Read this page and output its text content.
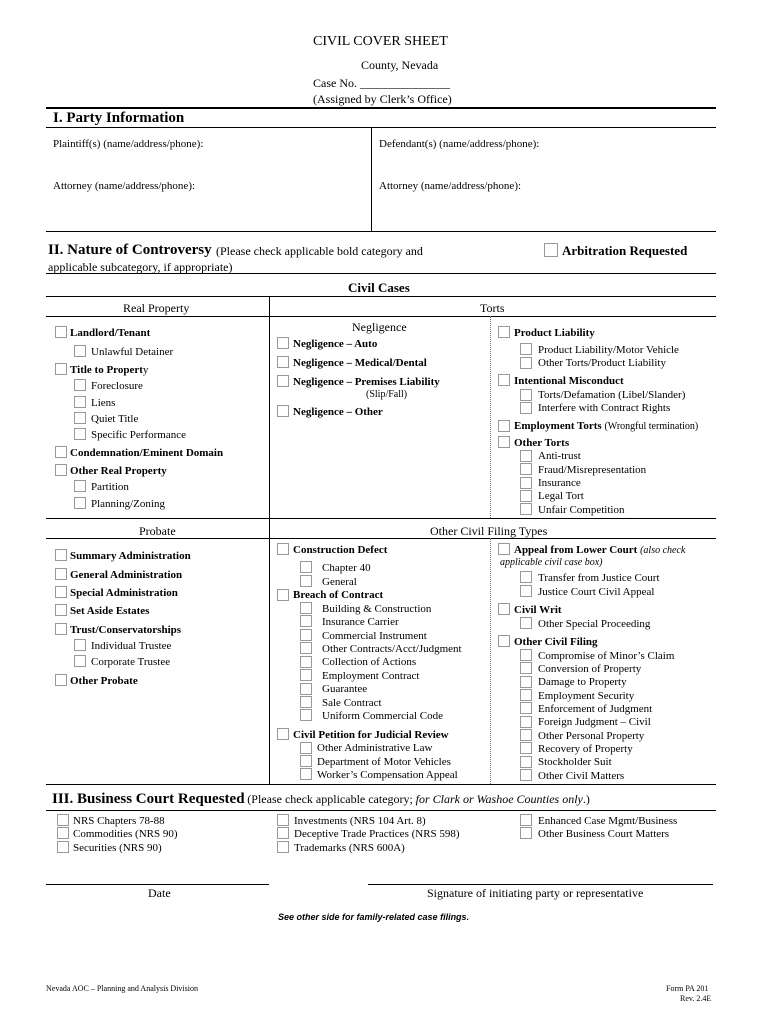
CIVIL COVER SHEET
County, Nevada
Case No. _______________
(Assigned by Clerk’s Office)
I. Party Information
Plaintiff(s) (name/address/phone):	Defendant(s) (name/address/phone):
Attorney (name/address/phone):	Attorney (name/address/phone):
II. Nature of Controversy (Please check applicable bold category and
applicable subcategory, if appropriate)
Arbitration Requested
Civil Cases
Real Property	Torts
Landlord/Tenant
Unlawful Detainer
Title to Property
Foreclosure
Liens
Quiet Title
Specific Performance
Condemnation/Eminent Domain
Other Real Property
Partition
Planning/Zoning
Negligence
Negligence – Auto
Negligence – Medical/Dental
Negligence – Premises Liability
(Slip/Fall)
Negligence – Other
Product Liability
Product Liability/Motor Vehicle
Other Torts/Product Liability
Intentional Misconduct
Torts/Defamation (Libel/Slander)
Interfere with Contract Rights
Employment Torts (Wrongful termination)
Other Torts
Anti-trust
Fraud/Misrepresentation
Insurance
Legal Tort
Unfair Competition
Probate	Other Civil Filing Types
Summary Administration
General Administration
Special Administration
Set Aside Estates
Trust/Conservatorships
Individual Trustee
Corporate Trustee
Other Probate
Construction Defect
Chapter 40
General
Breach of Contract
Building & Construction
Insurance Carrier
Commercial Instrument
Other Contracts/Acct/Judgment
Collection of Actions
Employment Contract
Guarantee
Sale Contract
Uniform Commercial Code
Civil Petition for Judicial Review
Other Administrative Law
Department of Motor Vehicles
Worker’s Compensation Appeal
Appeal from Lower Court (also check
applicable civil case box)
Transfer from Justice Court
Justice Court Civil Appeal
Civil Writ
Other Special Proceeding
Other Civil Filing
Compromise of Minor’s Claim
Conversion of Property
Damage to Property
Employment Security
Enforcement of Judgment
Foreign Judgment – Civil
Other Personal Property
Recovery of Property
Stockholder Suit
Other Civil Matters
III. Business Court Requested (Please check applicable category; for Clark or Washoe Counties only.)
NRS Chapters 78-88
Commodities (NRS 90)
Securities (NRS 90)
Investments (NRS 104 Art. 8)
Deceptive Trade Practices (NRS 598)
Trademarks (NRS 600A)
Enhanced Case Mgmt/Business
Other Business Court Matters
Date	Signature of initiating party or representative
See other side for family-related case filings.
Nevada AOC – Planning and Analysis Division	Form PA 201
Rev. 2.4E
